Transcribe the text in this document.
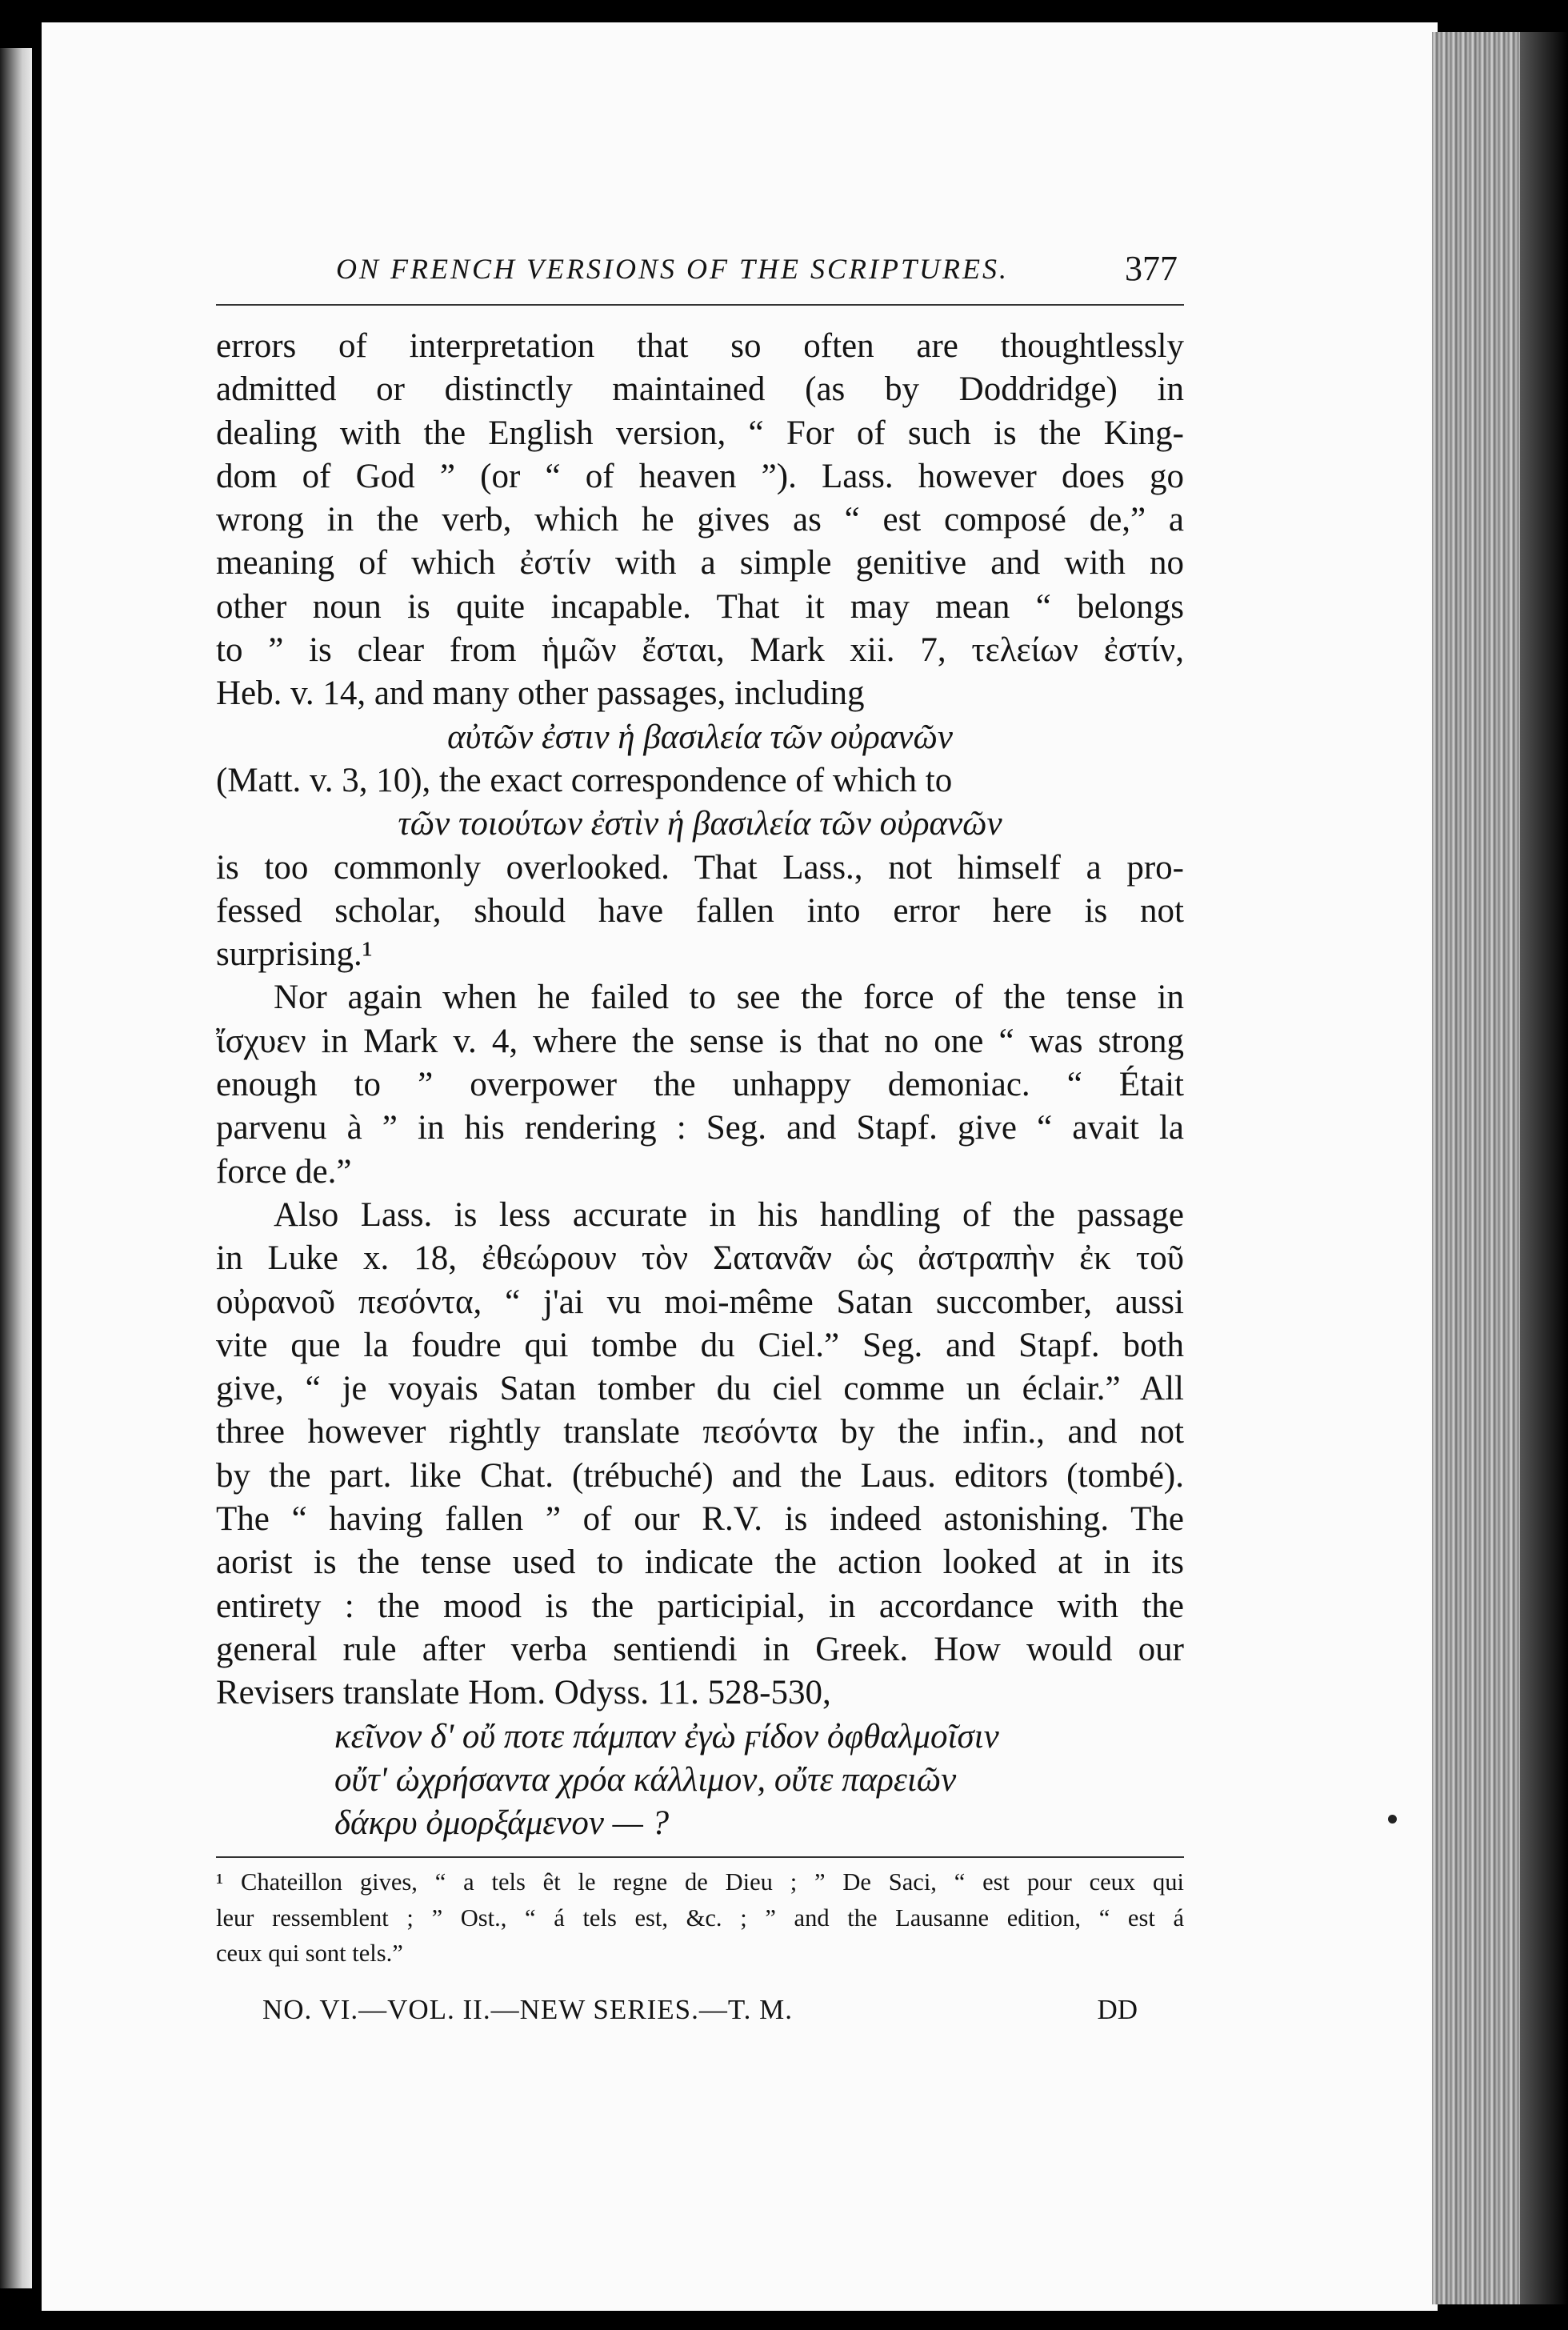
ON FRENCH VERSIONS OF THE SCRIPTURES.	377
errors of interpretation that so often are thoughtlessly
admitted or distinctly maintained (as by Doddridge) in
dealing with the English version, “ For of such is the King-
dom of God ” (or “ of heaven ”). Lass. however does go
wrong in the verb, which he gives as “ est composé de,” a
meaning of which ἐστίν with a simple genitive and with no
other noun is quite incapable. That it may mean “ belongs
to ” is clear from ἡμῶν ἔσται, Mark xii. 7, τελείων ἐστίν,
Heb. v. 14, and many other passages, including
αὐτῶν ἐστιν ἡ βασιλεία τῶν οὐρανῶν
(Matt. v. 3, 10), the exact correspondence of which to
τῶν τοιούτων ἐστὶν ἡ βασιλεία τῶν οὐρανῶν
is too commonly overlooked. That Lass., not himself a pro-
fessed scholar, should have fallen into error here is not
surprising.¹
Nor again when he failed to see the force of the tense in
ἴσχυεν in Mark v. 4, where the sense is that no one “ was strong
enough to ” overpower the unhappy demoniac. “ Était
parvenu à ” in his rendering : Seg. and Stapf. give “ avait la
force de.”
Also Lass. is less accurate in his handling of the passage
in Luke x. 18, ἐθεώρουν τὸν Σατανᾶν ὡς ἀστραπὴν ἐκ τοῦ
οὐρανοῦ πεσόντα, “ j'ai vu moi-même Satan succomber, aussi
vite que la foudre qui tombe du Ciel.” Seg. and Stapf. both
give, “ je voyais Satan tomber du ciel comme un éclair.” All
three however rightly translate πεσόντα by the infin., and not
by the part. like Chat. (trébuché) and the Laus. editors (tombé).
The “ having fallen ” of our R.V. is indeed astonishing. The
aorist is the tense used to indicate the action looked at in its
entirety : the mood is the participial, in accordance with the
general rule after verba sentiendi in Greek. How would our
Revisers translate Hom. Odyss. 11. 528-530,
κεῖνον δ' οὔ ποτε πάμπαν ἐγὼ ϝίδον ὀφθαλμοῖσιν
οὔτ' ὠχρήσαντα χρόα κάλλιμον, οὔτε παρειῶν
δάκρυ ὀμορξάμενον — ?
¹ Chateillon gives, “ a tels êt le regne de Dieu ; ” De Saci, “ est pour ceux qui
leur ressemblent ; ” Ost., “ á tels est, &c. ; ” and the Lausanne edition, “ est á
ceux qui sont tels.”
NO. VI.—VOL. II.—NEW SERIES.—T. M.	DD
